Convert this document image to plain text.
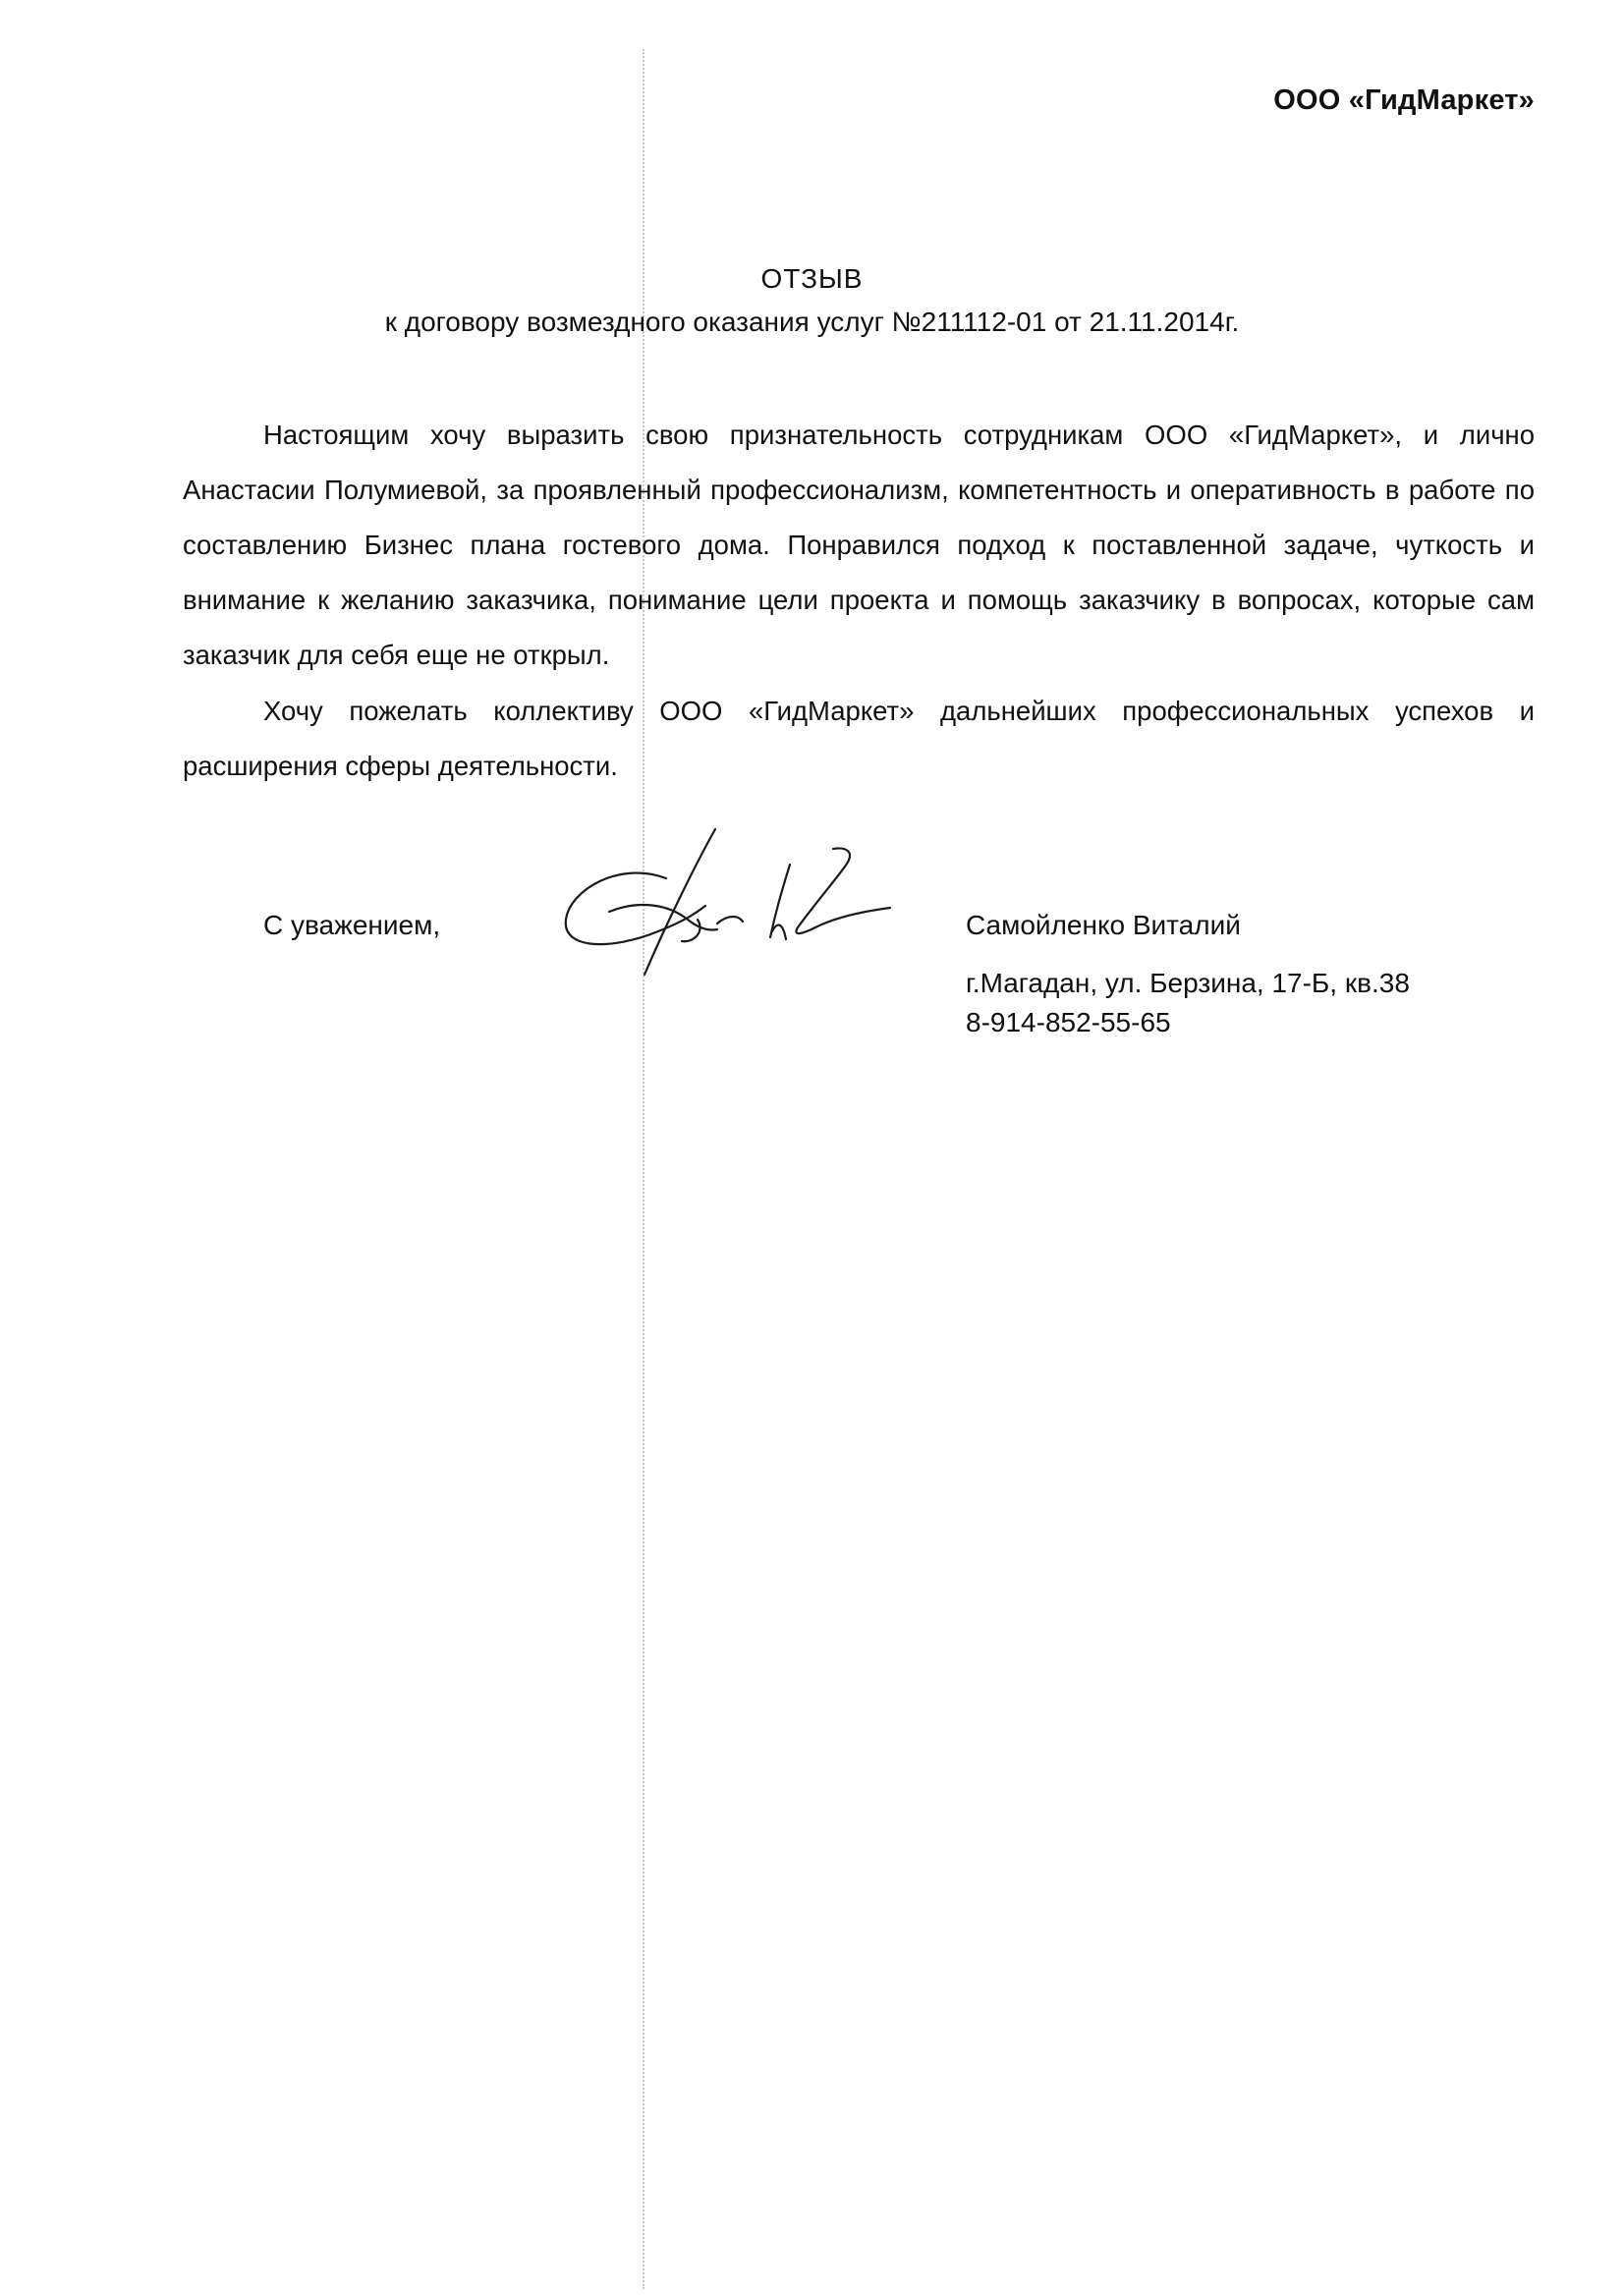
ООО «ГидМаркет»
ОТЗЫВ
к договору возмездного оказания услуг №211112-01 от 21.11.2014г.

Настоящим хочу выразить свою признательность сотрудникам ООО «ГидМаркет», и лично Анастасии Полумиевой, за проявленный профессионализм, компетентность и оперативность в работе по составлению Бизнес плана гостевого дома. Понравился подход к поставленной задаче, чуткость и внимание к желанию заказчика, понимание цели проекта и помощь заказчику в вопросах, которые сам заказчик для себя еще не открыл.

Хочу пожелать коллективу ООО «ГидМаркет» дальнейших профессиональных успехов и расширения сферы деятельности.

С уважением,	Самойленко Виталий
г.Магадан, ул. Берзина, 17-Б, кв.38
8-914-852-55-65
